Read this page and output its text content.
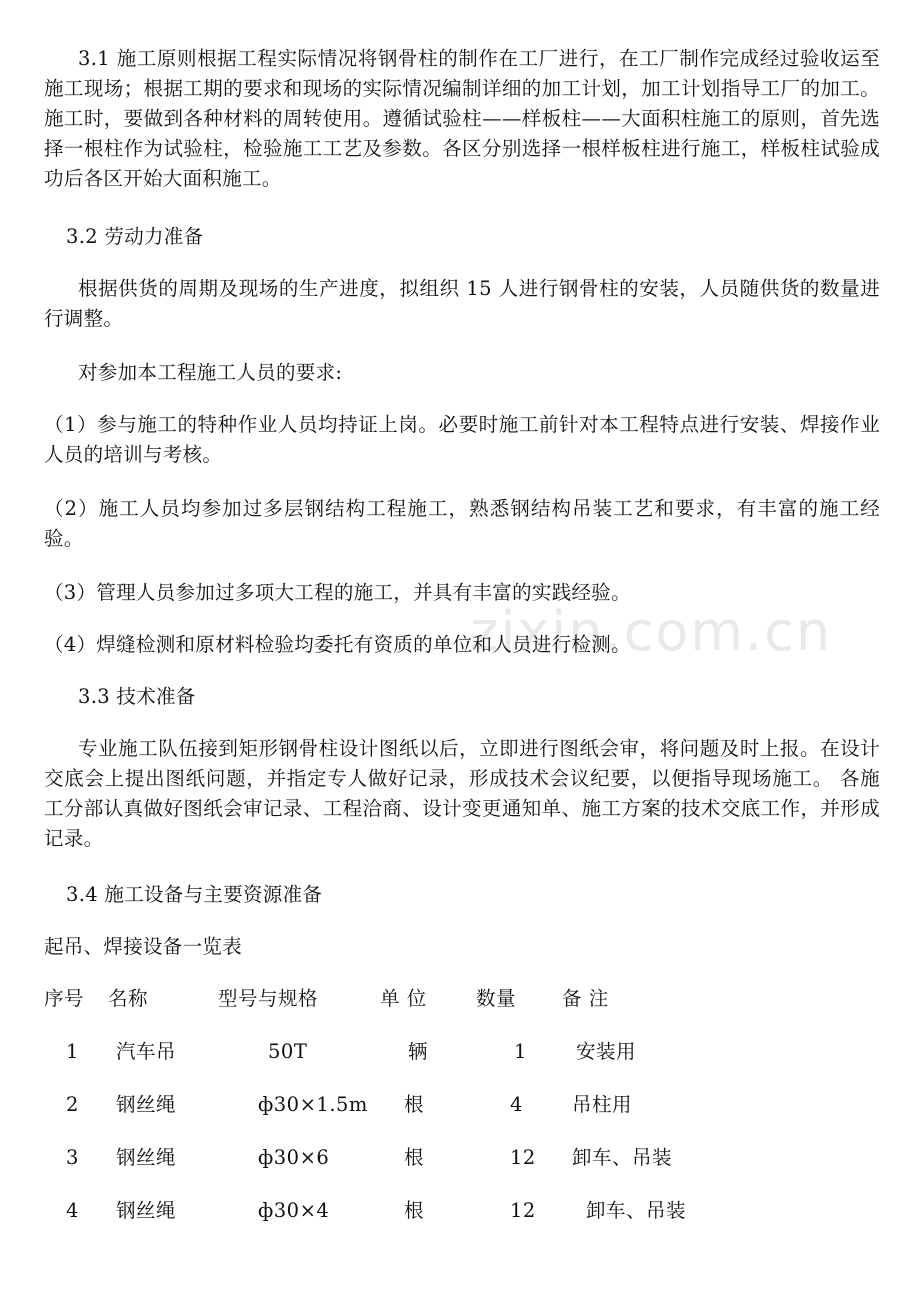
zixin.com.cn

3.1 施工原则根据工程实际情况将钢骨柱的制作在工厂进行，在工厂制作完成经过验收运至施工现场；根据工期的要求和现场的实际情况编制详细的加工计划，加工计划指导工厂的加工。施工时，要做到各种材料的周转使用。遵循试验柱——样板柱——大面积柱施工的原则，首先选择一根柱作为试验柱，检验施工工艺及参数。各区分别选择一根样板柱进行施工，样板柱试验成功后各区开始大面积施工。

3.2 劳动力准备

根据供货的周期及现场的生产进度，拟组织 15 人进行钢骨柱的安装，人员随供货的数量进行调整。

对参加本工程施工人员的要求:

（1）参与施工的特种作业人员均持证上岗。必要时施工前针对本工程特点进行安装、焊接作业人员的培训与考核。

（2）施工人员均参加过多层钢结构工程施工，熟悉钢结构吊装工艺和要求，有丰富的施工经验。

（3）管理人员参加过多项大工程的施工，并具有丰富的实践经验。

（4）焊缝检测和原材料检验均委托有资质的单位和人员进行检测。

3.3 技术准备

专业施工队伍接到矩形钢骨柱设计图纸以后，立即进行图纸会审，将问题及时上报。在设计交底会上提出图纸问题，并指定专人做好记录，形成技术会议纪要，以便指导现场施工。 各施工分部认真做好图纸会审记录、工程洽商、设计变更通知单、施工方案的技术交底工作，并形成记录。

3.4 施工设备与主要资源准备

起吊、焊接设备一览表

序号 名称	型号与规格	单 位	数量 备 注
1 汽车吊	50T	辆	1	安装用
2 钢丝绳	ф30×1.5m 根	4	吊柱用
3 钢丝绳	ф30×6	根	12 卸车、吊装
4 钢丝绳	ф30×4	根	12	卸车、吊装
